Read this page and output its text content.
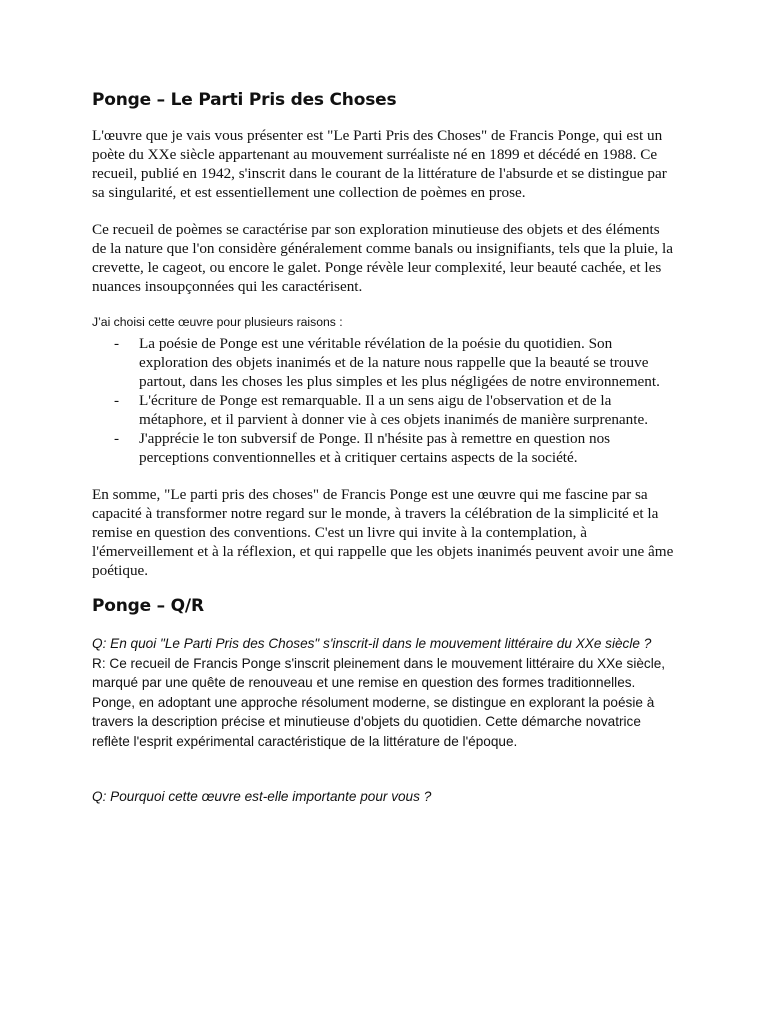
Ponge – Le Parti Pris des Choses

L'œuvre que je vais vous présenter est "Le Parti Pris des Choses" de Francis Ponge, qui est un poète du XXe siècle appartenant au mouvement surréaliste né en 1899 et décédé en 1988. Ce recueil, publié en 1942, s'inscrit dans le courant de la littérature de l'absurde et se distingue par sa singularité, et est essentiellement une collection de poèmes en prose.

Ce recueil de poèmes se caractérise par son exploration minutieuse des objets et des éléments de la nature que l'on considère généralement comme banals ou insignifiants, tels que la pluie, la crevette, le cageot, ou encore le galet. Ponge révèle leur complexité, leur beauté cachée, et les nuances insoupçonnées qui les caractérisent.

J’ai choisi cette œuvre pour plusieurs raisons :

- La poésie de Ponge est une véritable révélation de la poésie du quotidien. Son exploration des objets inanimés et de la nature nous rappelle que la beauté se trouve partout, dans les choses les plus simples et les plus négligées de notre environnement.
- L'écriture de Ponge est remarquable. Il a un sens aigu de l'observation et de la métaphore, et il parvient à donner vie à ces objets inanimés de manière surprenante.
- J'apprécie le ton subversif de Ponge. Il n'hésite pas à remettre en question nos perceptions conventionnelles et à critiquer certains aspects de la société.

En somme, "Le parti pris des choses" de Francis Ponge est une œuvre qui me fascine par sa capacité à transformer notre regard sur le monde, à travers la célébration de la simplicité et la remise en question des conventions. C'est un livre qui invite à la contemplation, à l'émerveillement et à la réflexion, et qui rappelle que les objets inanimés peuvent avoir une âme poétique.

Ponge – Q/R

Q: En quoi "Le Parti Pris des Choses" s'inscrit-il dans le mouvement littéraire du XXe siècle ?

R: Ce recueil de Francis Ponge s'inscrit pleinement dans le mouvement littéraire du XXe siècle, marqué par une quête de renouveau et une remise en question des formes traditionnelles. Ponge, en adoptant une approche résolument moderne, se distingue en explorant la poésie à travers la description précise et minutieuse d'objets du quotidien. Cette démarche novatrice reflète l'esprit expérimental caractéristique de la littérature de l'époque.

Q: Pourquoi cette œuvre est-elle importante pour vous ?
